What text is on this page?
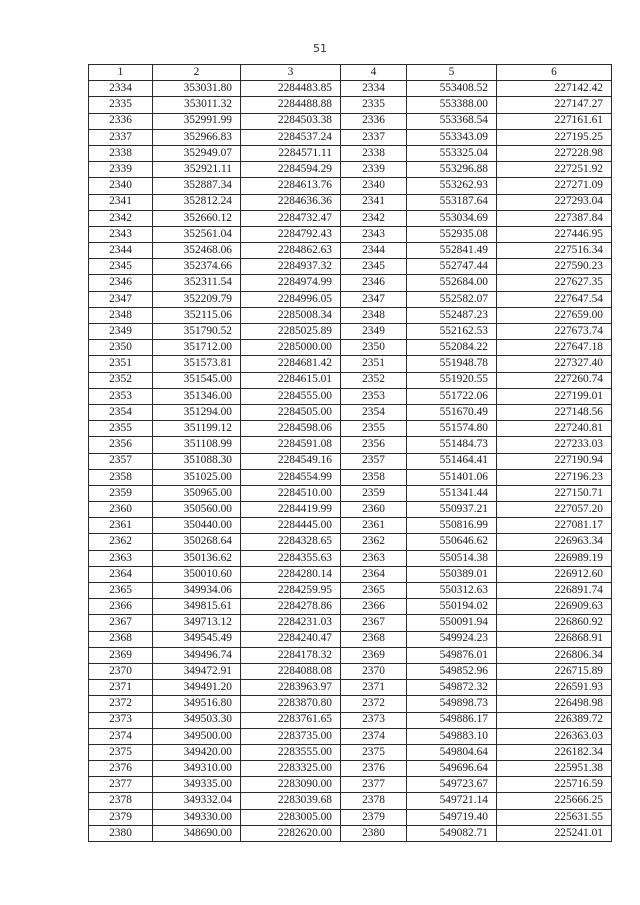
51
1	2	3	4	5	6
2334	353031.80	2284483.85	2334	553408.52	227142.42
2335	353011.32	2284488.88	2335	553388.00	227147.27
2336	352991.99	2284503.38	2336	553368.54	227161.61
2337	352966.83	2284537.24	2337	553343.09	227195.25
2338	352949.07	2284571.11	2338	553325.04	227228.98
2339	352921.11	2284594.29	2339	553296.88	227251.92
2340	352887.34	2284613.76	2340	553262.93	227271.09
2341	352812.24	2284636.36	2341	553187.64	227293.04
2342	352660.12	2284732.47	2342	553034.69	227387.84
2343	352561.04	2284792.43	2343	552935.08	227446.95
2344	352468.06	2284862.63	2344	552841.49	227516.34
2345	352374.66	2284937.32	2345	552747.44	227590.23
2346	352311.54	2284974.99	2346	552684.00	227627.35
2347	352209.79	2284996.05	2347	552582.07	227647.54
2348	352115.06	2285008.34	2348	552487.23	227659.00
2349	351790.52	2285025.89	2349	552162.53	227673.74
2350	351712.00	2285000.00	2350	552084.22	227647.18
2351	351573.81	2284681.42	2351	551948.78	227327.40
2352	351545.00	2284615.01	2352	551920.55	227260.74
2353	351346.00	2284555.00	2353	551722.06	227199.01
2354	351294.00	2284505.00	2354	551670.49	227148.56
2355	351199.12	2284598.06	2355	551574.80	227240.81
2356	351108.99	2284591.08	2356	551484.73	227233.03
2357	351088.30	2284549.16	2357	551464.41	227190.94
2358	351025.00	2284554.99	2358	551401.06	227196.23
2359	350965.00	2284510.00	2359	551341.44	227150.71
2360	350560.00	2284419.99	2360	550937.21	227057.20
2361	350440.00	2284445.00	2361	550816.99	227081.17
2362	350268.64	2284328.65	2362	550646.62	226963.34
2363	350136.62	2284355.63	2363	550514.38	226989.19
2364	350010.60	2284280.14	2364	550389.01	226912.60
2365	349934.06	2284259.95	2365	550312.63	226891.74
2366	349815.61	2284278.86	2366	550194.02	226909.63
2367	349713.12	2284231.03	2367	550091.94	226860.92
2368	349545.49	2284240.47	2368	549924.23	226868.91
2369	349496.74	2284178.32	2369	549876.01	226806.34
2370	349472.91	2284088.08	2370	549852.96	226715.89
2371	349491.20	2283963.97	2371	549872.32	226591.93
2372	349516.80	2283870.80	2372	549898.73	226498.98
2373	349503.30	2283761.65	2373	549886.17	226389.72
2374	349500.00	2283735.00	2374	549883.10	226363.03
2375	349420.00	2283555.00	2375	549804.64	226182.34
2376	349310.00	2283325.00	2376	549696.64	225951.38
2377	349335.00	2283090.00	2377	549723.67	225716.59
2378	349332.04	2283039.68	2378	549721.14	225666.25
2379	349330.00	2283005.00	2379	549719.40	225631.55
2380	348690.00	2282620.00	2380	549082.71	225241.01
